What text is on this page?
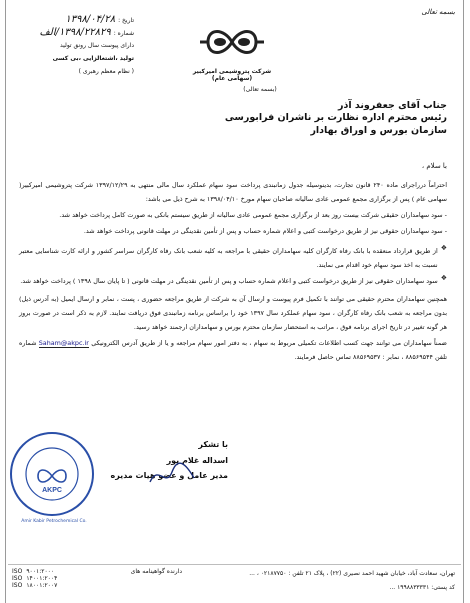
بسمه تعالی
تاریخ :
۱۳۹۸/۰۴/۲۸
شماره :
۱۳۹۸/۲۲۸۲۹/الف
دارای پیوست سال رونق تولید
تولید ،اشتغالزایی ،بی کسی
( نظام معظم رهبری )	شرکت پتروشیمی امیرکبیر (سهامی عام)
(بسمه تعالی)
جناب آقای جعفروند آذر
رئیس محترم اداره نظارت بر ناشران فرابورسی
سازمان بورس و اوراق بهادار
با سلام ،
احتراماً درراجرای ماده ۲۴۰ قانون تجارت، بدینوسیله جدول زمانبندی پرداخت سود سهام عملکرد سال مالی منتهی به ۱۳۹۷/۱۲/۲۹ شرکت پتروشیمی امیرکبیر( سهامی عام ) پس از برگزاری مجمع عمومی عادی سالیانه صاحبان سهام مورخ ۱۳۹۸/۰۴/۱۰ به شرح ذیل می باشد:
- سود سهامداران حقیقی شرکت بیست روز بعد از برگزاری مجمع عمومی عادی سالیانه از طریق سیستم بانکی به صورت کامل پرداخت خواهد شد.
- سود سهامداران حقوقی نیز از طریق درخواست کتبی و اعلام شماره حساب و پس از تأمین نقدینگی در مهلت قانونی پرداخت خواهد شد.
❖
از طریق قرارداد منعقده با بانک رفاه کارگران کلیه سهامداران حقیقی با مراجعه به کلیه شعب بانک رفاه کارگران سراسر کشور و ارائه کارت شناسایی معتبر نسبت به اخذ سود سهام خود اقدام می نمایند.
❖
سود سهامداران حقوقی نیز از طریق درخواست کتبی و اعلام شماره حساب و پس از تأمین نقدینگی در مهلت قانونی ( تا پایان سال ۱۳۹۸ ) پرداخت خواهد شد.
همچنین سهامداران محترم حقیقی می توانند با تکمیل فرم پیوست و ارسال آن به شرکت از طریق مراجعه حضوری ، پست ، نمابر و ارسال ایمیل (به آدرس ذیل) بدون مراجعه به شعب بانک رفاه کارگران ، سود سهام عملکرد سال ۱۳۹۷ خود را براساس برنامه زمانبندی فوق دریافت نمایند. لازم به ذکر است در صورت بروز هر گونه تغییر در تاریخ اجرای برنامه فوق ، مراتب به استحضار سازمان محترم بورس و سهامداران ارجمند خواهد رسید.
ضمناً سهامداران می توانند جهت کسب اطلاعات تکمیلی مربوط به سهام ، به دفتر امور سهام مراجعه و یا از طریق آدرس الکترونیکی Saham@akpc.ir شماره تلفن ۸۸۵۶۹۵۴۴ ، نمابر : ۸۸۵۶۹۵۳۷ تماس حاصل فرمایند.
با تشکر
اسداله غلام پور
مدیر عامل و عضو هیات مدیره
AKPC
Amir Kabir Petrochemical Co.
ISO ۹۰۰۱:۲۰۰۰
ISO ۱۴۰۰۱:۲۰۰۴
ISO ۱۸۰۰۱:۲۰۰۷
دارنده گواهینامه های	تهران، سعادت آباد، خیابان شهید احمد نصیری (۲۲) ، پلاک ۲۱ تلفن : ۰۲۱۸۷۷۵۰ ، ...
کد پستی: ۱۹۹۸۸۳۳۳۳۱ ...
